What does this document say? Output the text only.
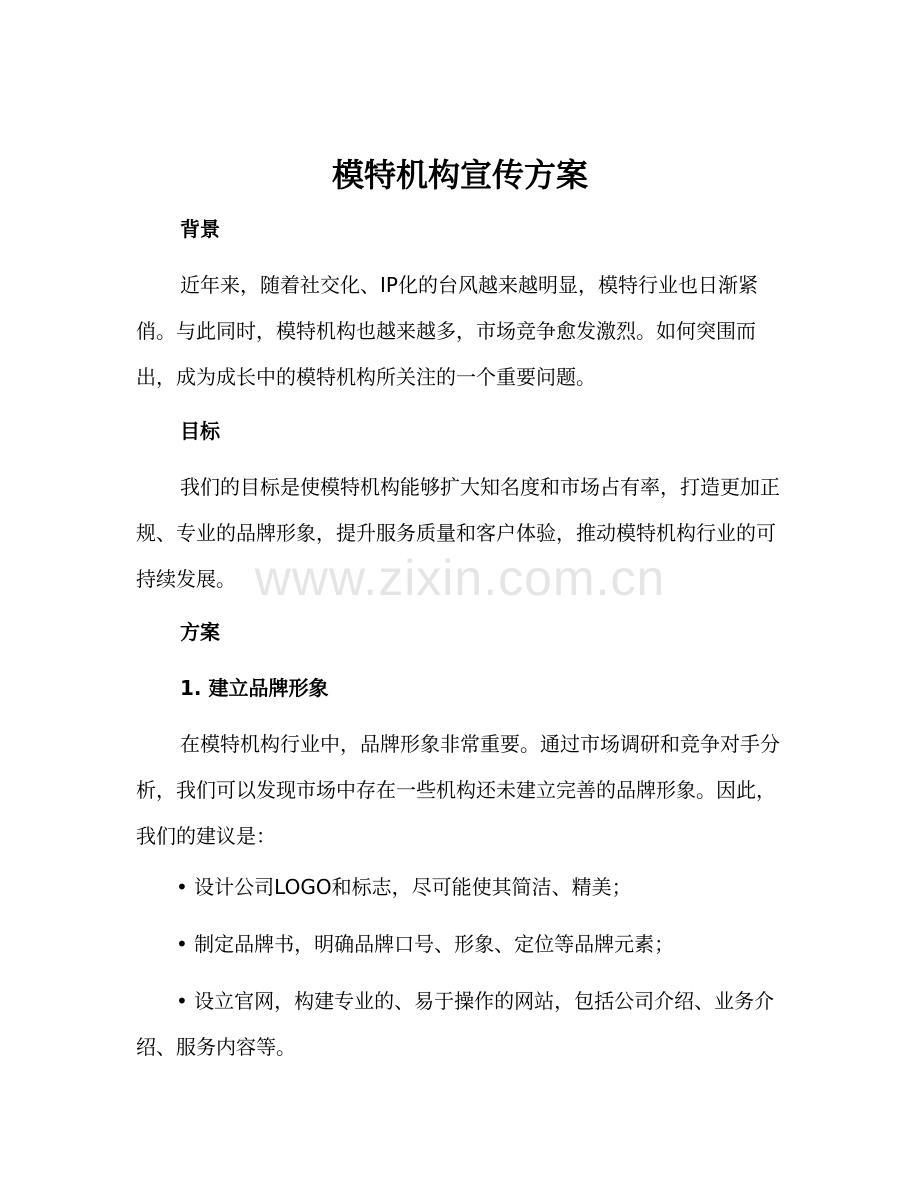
模特机构宣传方案

背景

近年来，随着社交化、IP化的台风越来越明显，模特行业也日渐紧俏。与此同时，模特机构也越来越多，市场竞争愈发激烈。如何突围而出，成为成长中的模特机构所关注的一个重要问题。

目标

我们的目标是使模特机构能够扩大知名度和市场占有率，打造更加正规、专业的品牌形象，提升服务质量和客户体验，推动模特机构行业的可持续发展。

方案

1. 建立品牌形象

在模特机构行业中，品牌形象非常重要。通过市场调研和竞争对手分析，我们可以发现市场中存在一些机构还未建立完善的品牌形象。因此，我们的建议是：

• 设计公司LOGO和标志，尽可能使其简洁、精美；

• 制定品牌书，明确品牌口号、形象、定位等品牌元素；

• 设立官网，构建专业的、易于操作的网站，包括公司介绍、业务介绍、服务内容等。

www.zixin.com.cn
